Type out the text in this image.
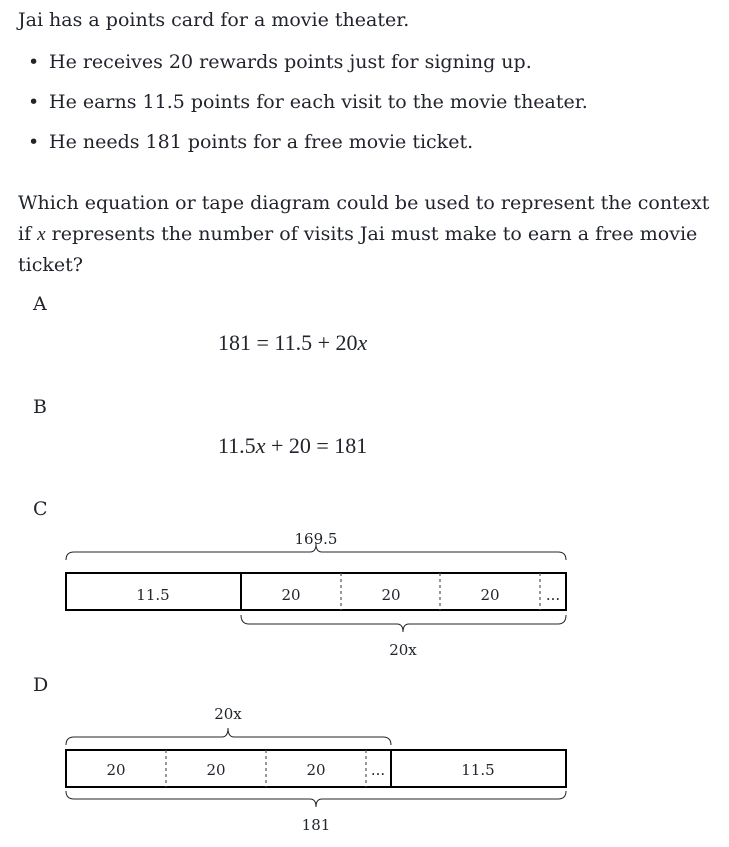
Jai has a points card for a movie theater.
• He receives 20 rewards points just for signing up.
• He earns 11.5 points for each visit to the movie theater.
• He needs 181 points for a free movie ticket.
Which equation or tape diagram could be used to represent the context if x represents the number of visits Jai must make to earn a free movie ticket?
A
181 = 11.5 + 20x
B
11.5x + 20 = 181
C
169.5
11.5	20	20	20	...
20x
D
20x
20	20	20	...	11.5
181
